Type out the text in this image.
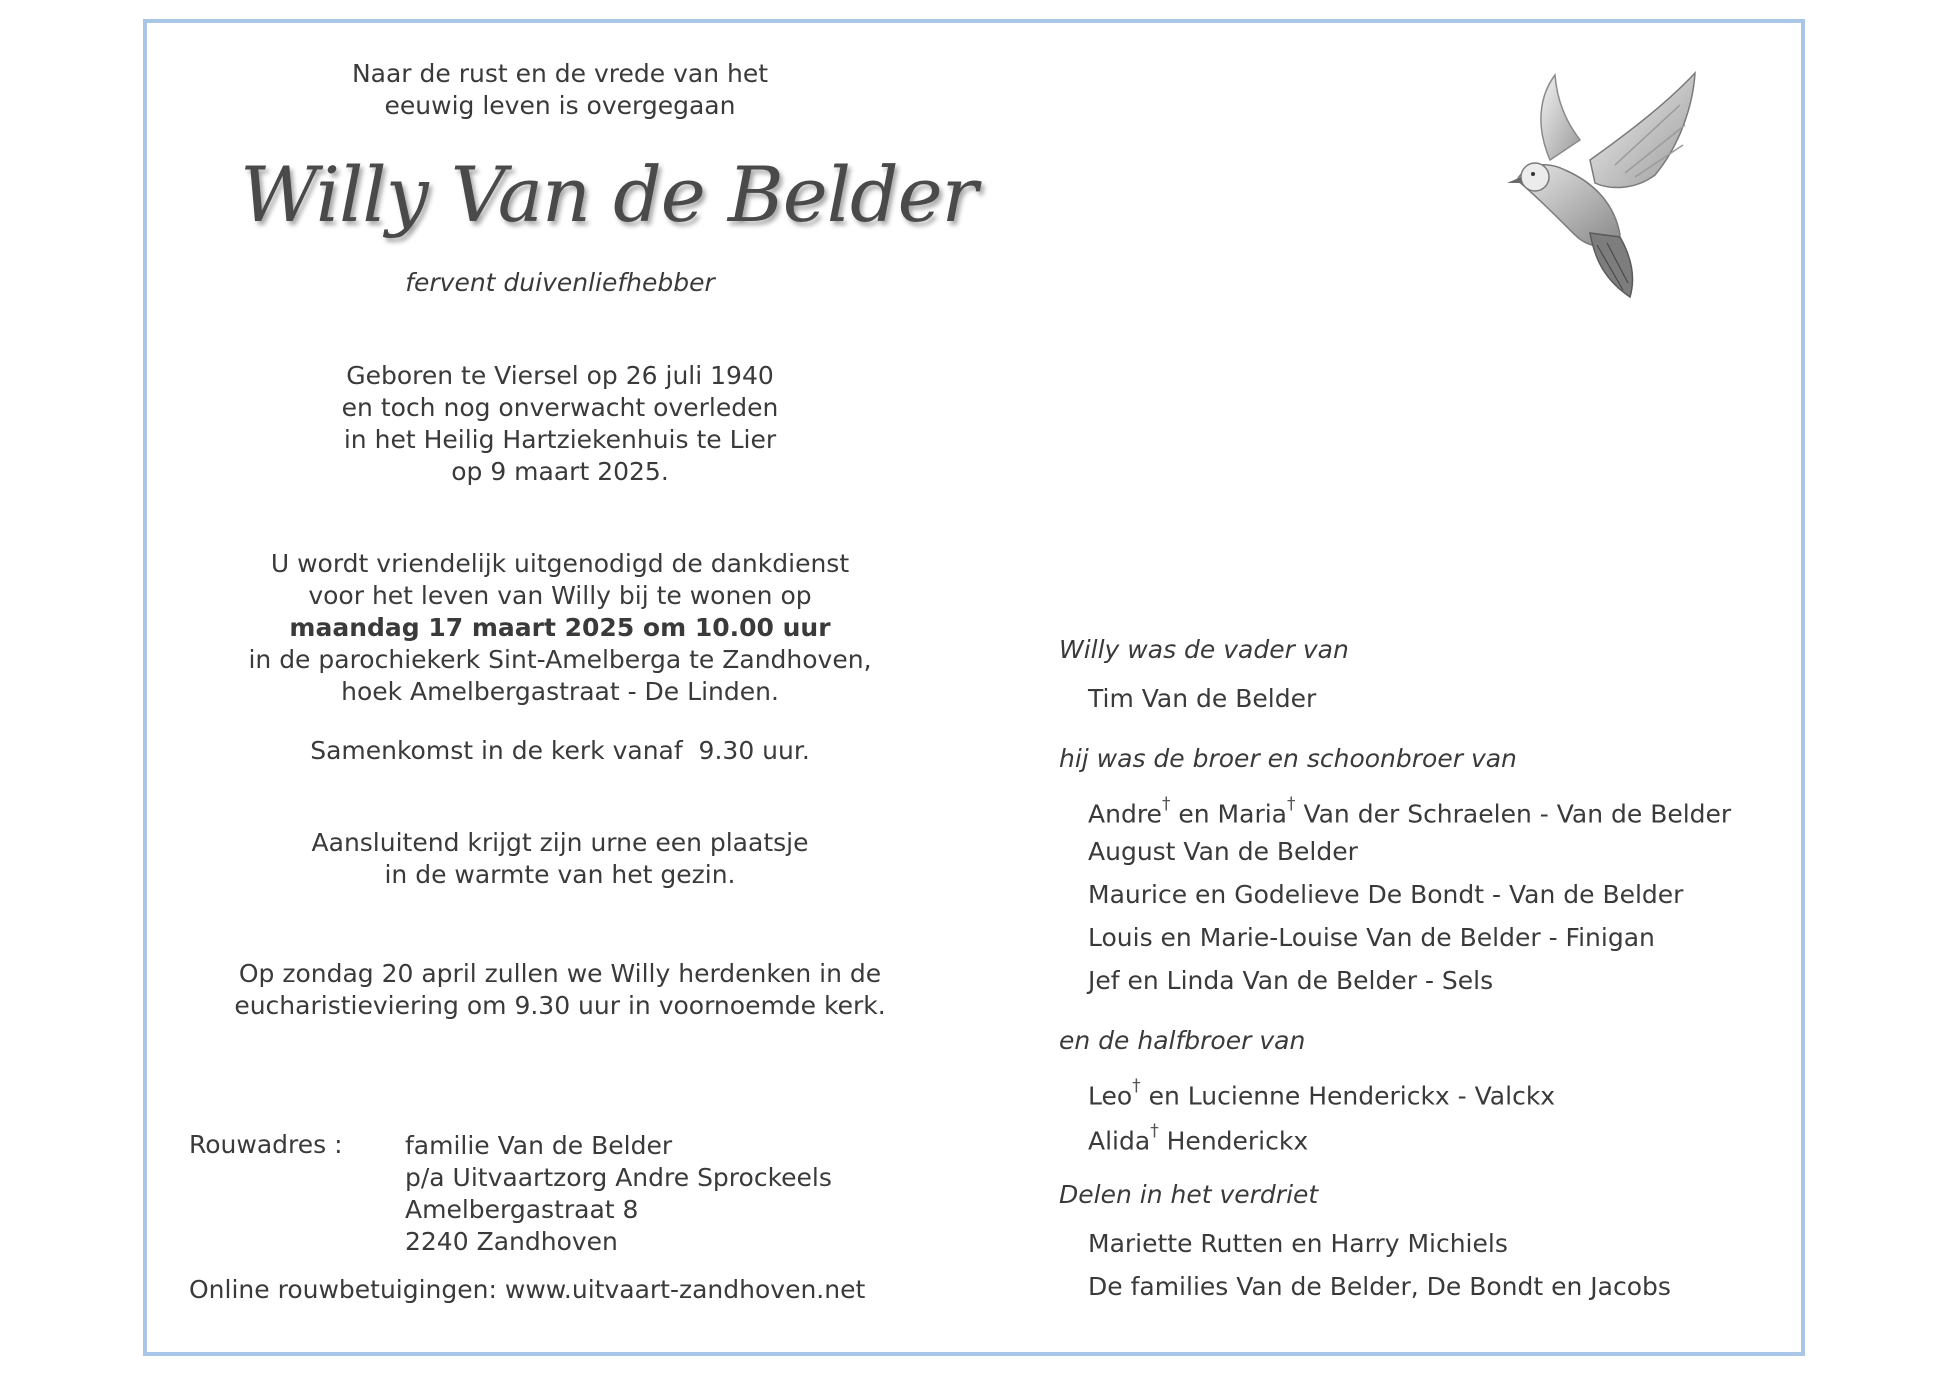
Naar de rust en de vrede van het
eeuwig leven is overgegaan
Willy Van de Belder
fervent duivenliefhebber
Geboren te Viersel op 26 juli 1940
en toch nog onverwacht overleden
in het Heilig Hartziekenhuis te Lier
op 9 maart 2025.
U wordt vriendelijk uitgenodigd de dankdienst
voor het leven van Willy bij te wonen op
maandag 17 maart 2025 om 10.00 uur
in de parochiekerk Sint-Amelberga te Zandhoven,
hoek Amelbergastraat - De Linden.
Samenkomst in de kerk vanaf  9.30 uur.
Aansluitend krijgt zijn urne een plaatsje
in de warmte van het gezin.
Op zondag 20 april zullen we Willy herdenken in de
eucharistieviering om 9.30 uur in voornoemde kerk.
Rouwadres : familie Van de Belder
p/a Uitvaartzorg Andre Sprockeels
Amelbergastraat 8
2240 Zandhoven
Online rouwbetuigingen: www.uitvaart-zandhoven.net

Willy was de vader van

Tim Van de Belder

hij was de broer en schoonbroer van

Andre† en Maria† Van der Schraelen - Van de Belder

August Van de Belder

Maurice en Godelieve De Bondt - Van de Belder

Louis en Marie-Louise Van de Belder - Finigan

Jef en Linda Van de Belder - Sels

en de halfbroer van

Leo† en Lucienne Henderickx - Valckx

Alida† Henderickx

Delen in het verdriet

Mariette Rutten en Harry Michiels

De families Van de Belder, De Bondt en Jacobs
